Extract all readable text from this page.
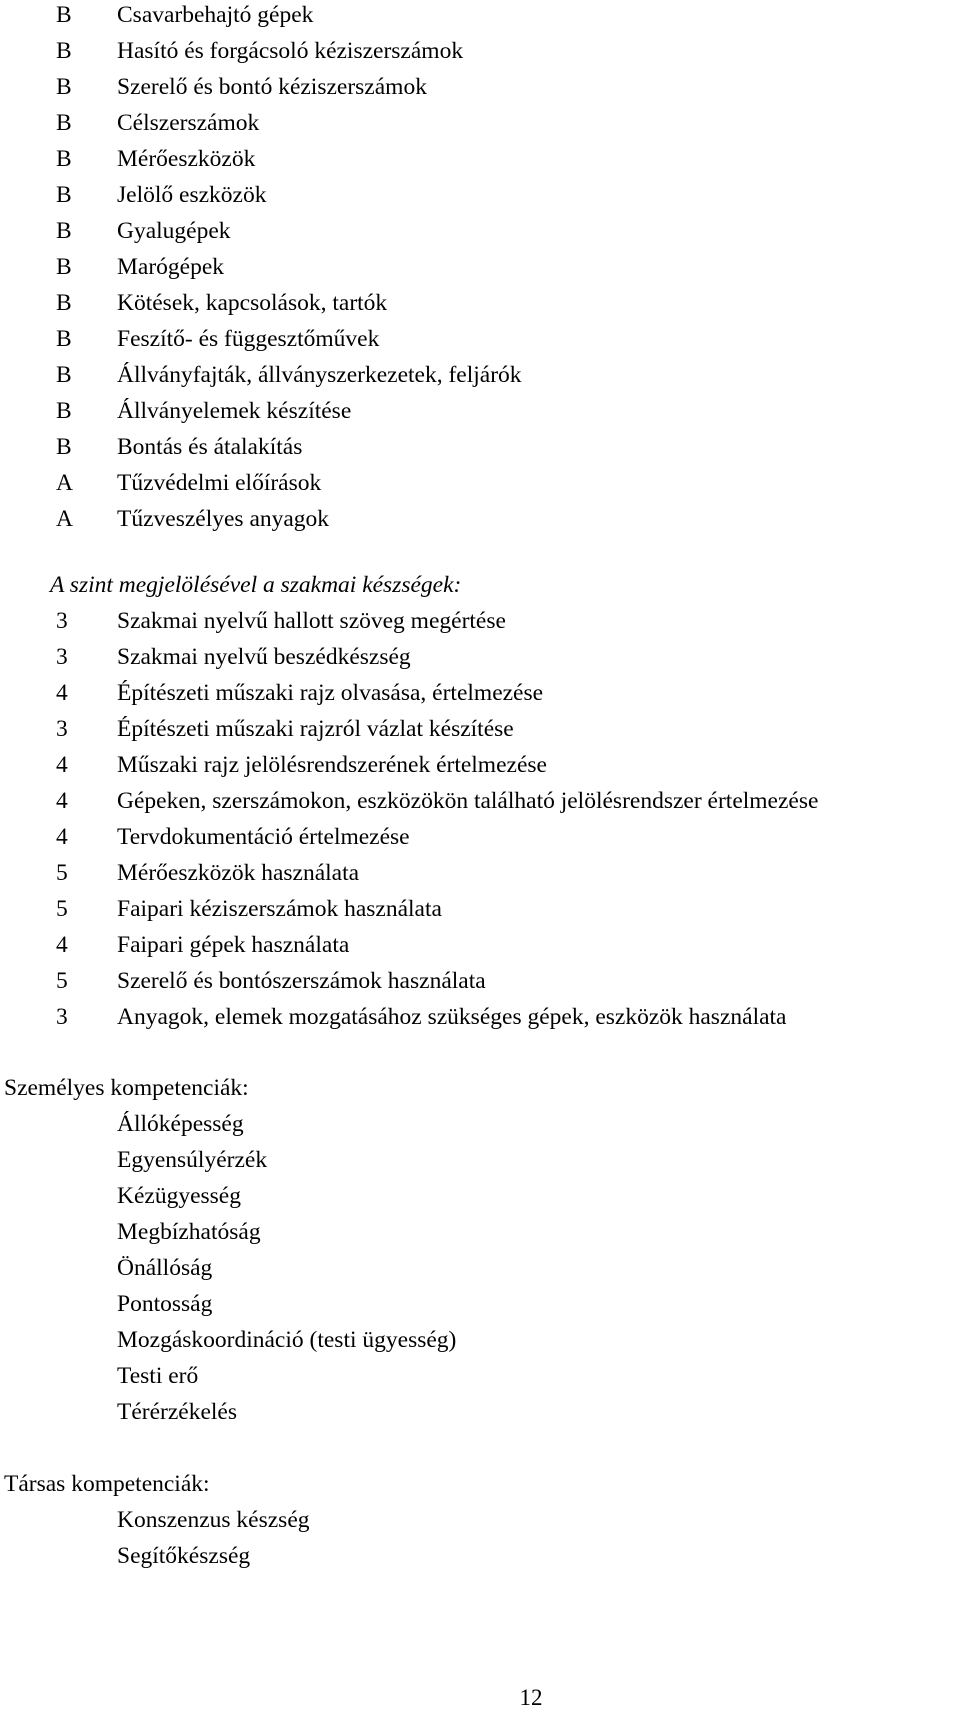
B Csavarbehajtó gépek
B Hasító és forgácsoló kéziszerszámok
B Szerelő és bontó kéziszerszámok
B Célszerszámok
B Mérőeszközök
B Jelölő eszközök
B Gyalugépek
B Marógépek
B Kötések, kapcsolások, tartók
B Feszítő- és függesztőművek
B Állványfajták, állványszerkezetek, feljárók
B Állványelemek készítése
B Bontás és átalakítás
A Tűzvédelmi előírások
A Tűzveszélyes anyagok
A szint megjelölésével a szakmai készségek:
3 Szakmai nyelvű hallott szöveg megértése
3 Szakmai nyelvű beszédkészség
4 Építészeti műszaki rajz olvasása, értelmezése
3 Építészeti műszaki rajzról vázlat készítése
4 Műszaki rajz jelölésrendszerének értelmezése
4 Gépeken, szerszámokon, eszközökön található jelölésrendszer értelmezése
4 Tervdokumentáció értelmezése
5 Mérőeszközök használata
5 Faipari kéziszerszámok használata
4 Faipari gépek használata
5 Szerelő és bontószerszámok használata
3 Anyagok, elemek mozgatásához szükséges gépek, eszközök használata
Személyes kompetenciák:
Állóképesség
Egyensúlyérzék
Kézügyesség
Megbízhatóság
Önállóság
Pontosság
Mozgáskoordináció (testi ügyesség)
Testi erő
Térérzékelés
Társas kompetenciák:
Konszenzus készség
Segítőkészség
12
